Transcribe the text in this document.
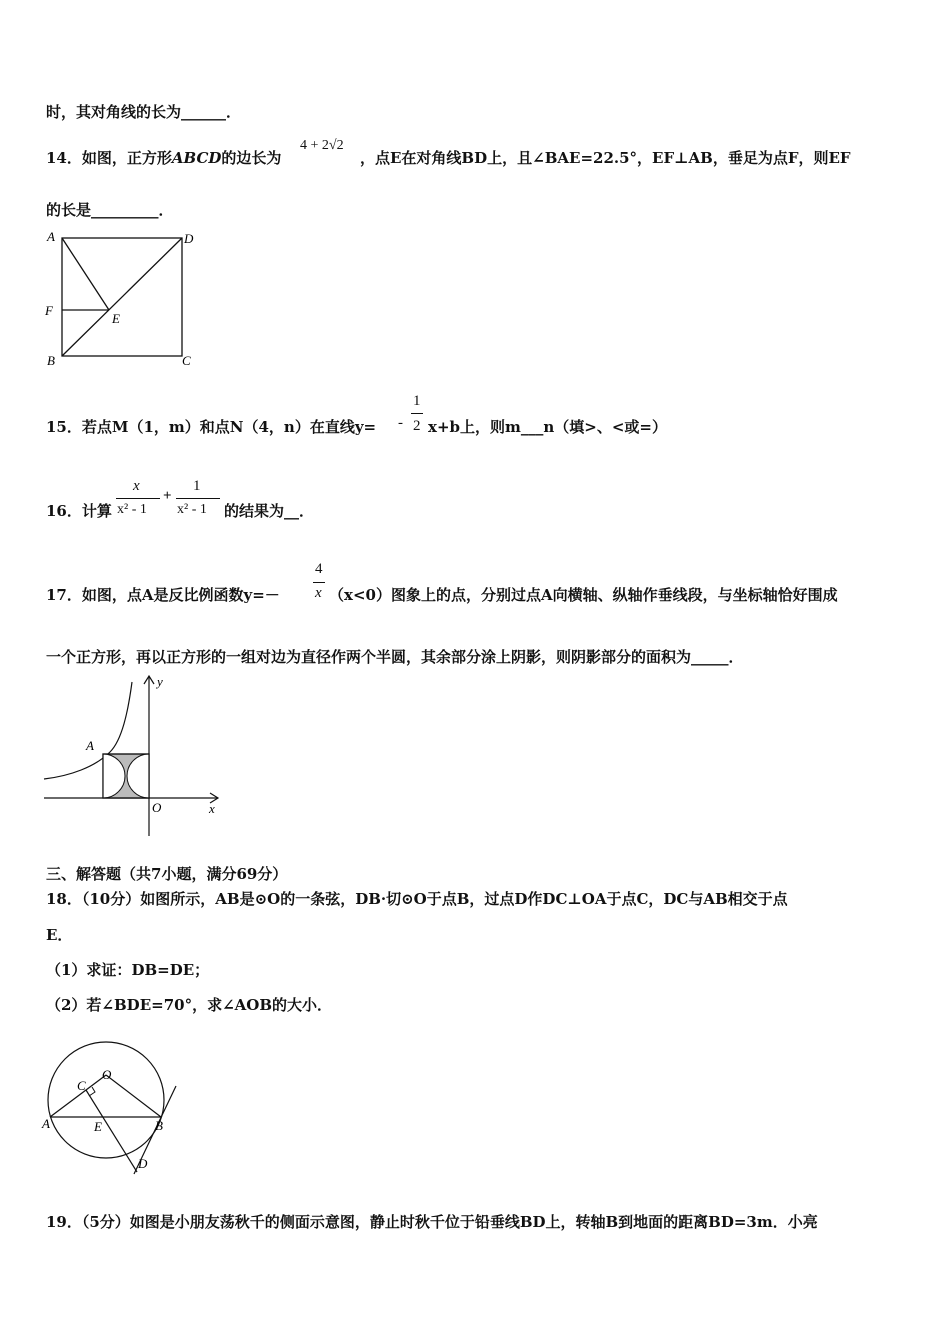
时，其对角线的长为______．
14．如图，正方形ABCD的边长为
4 + 2√2
，点E在对角线BD上，且∠BAE=22.5°，EF⊥AB，垂足为点F，则EF
的长是_________．
A	D
F
E
B	C
15．若点M（1，m）和点N（4，n）在直线y= -
1
2 x+b上，则m___n（填>、<或=）
16．计算
x
x² - 1
+
1
x² - 1 的结果为__．
17．如图，点A是反比例函数y=－
4
x （x<0）图象上的点，分别过点A向横轴、纵轴作垂线段，与坐标轴恰好围成
一个正方形，再以正方形的一组对边为直径作两个半圆，其余部分涂上阴影，则阴影部分的面积为_____．
A
O	x
y
三、解答题（共7小题，满分69分）
18．（10分）如图所示，AB是⊙O的一条弦，DB·切⊙O于点B，过点D作DC⊥OA于点C，DC与AB相交于点
E．
（1）求证：DB=DE；
（2）若∠BDE=70°，求∠AOB的大小．
O
C
A	E	B
D
19．（5分）如图是小朋友荡秋千的侧面示意图，静止时秋千位于铅垂线BD上，转轴B到地面的距离BD=3m．小亮
